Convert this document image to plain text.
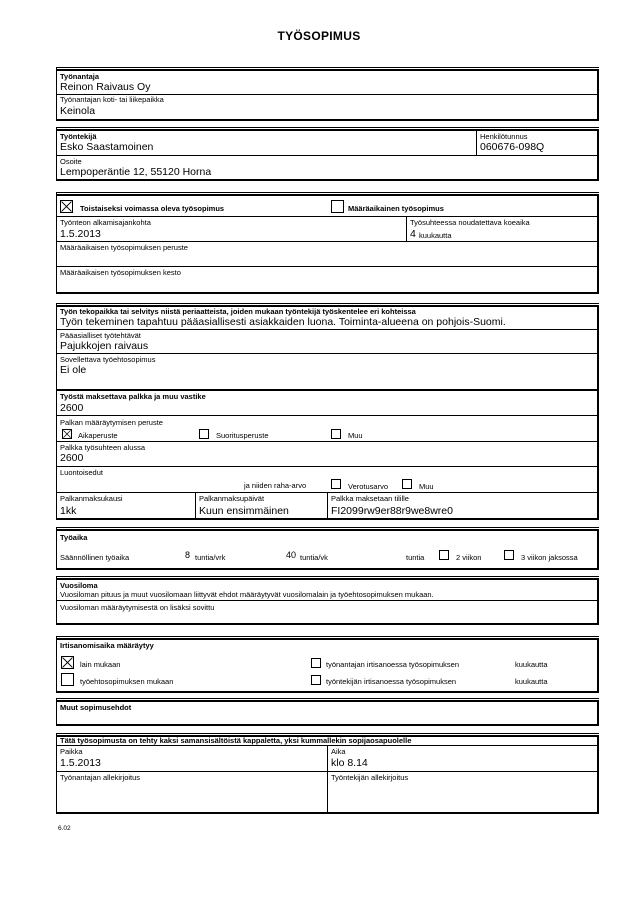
TYÖSOPIMUS
Työnantaja
Reinon Raivaus Oy
Työnantajan koti- tai liikepaikka
Keinola
Työntekijä
Esko Saastamoinen
Henkilötunnus
060676-098Q
Osoite
Lempoperäntie 12, 55120 Horna
Toistaiseksi voimassa oleva työsopimus	Määräaikainen työsopimus
Työnteon alkamisajankohta
1.5.2013
Työsuhteessa noudatettava koeaika
4 kuukautta
Määräaikaisen työsopimuksen peruste
Määräaikaisen työsopimuksen kesto
Työn tekopaikka tai selvitys niistä periaatteista, joiden mukaan työntekijä työskentelee eri kohteissa
Työn tekeminen tapahtuu pääasiallisesti asiakkaiden luona. Toiminta-alueena on pohjois-Suomi.
Pääasialliset työtehtävät
Pajukkojen raivaus
Sovellettava työehtosopimus
Ei ole
Työstä maksettava palkka ja muu vastike
2600
Palkan määräytymisen peruste
Aikaperuste	Suoritusperuste	Muu
Palkka työsuhteen alussa
2600
Luontoisedut
ja niiden raha-arvo	Verotusarvo	Muu
Palkanmaksukausi
1kk
Palkanmaksupäivät
Kuun ensimmäinen
Palkka maksetaan tilille
FI2099rw9er88r9we8wre0
Työaika
Säännöllinen työaika	8 tuntia/vrk	40 tuntia/vk	tuntia	2 viikon	3 viikon jaksossa
Vuosiloma
Vuosiloman pituus ja muut vuosilomaan liittyvät ehdot määräytyvät vuosilomalain ja työehtosopimuksen mukaan.
Vuosiloman määräytymisestä on lisäksi sovittu
Irtisanomisaika määräytyy
lain mukaan	työnantajan irtisanoessa työsopimuksen	kuukautta
työehtosopimuksen mukaan	työntekijän irtisanoessa työsopimuksen	kuukautta
Muut sopimusehdot
Tätä työsopimusta on tehty kaksi samansisältöistä kappaletta, yksi kummallekin sopijaosapuolelle
Paikka
1.5.2013
Aika
klo 8.14
Työnantajan allekirjoitus	Työntekijän allekirjoitus
6.02
